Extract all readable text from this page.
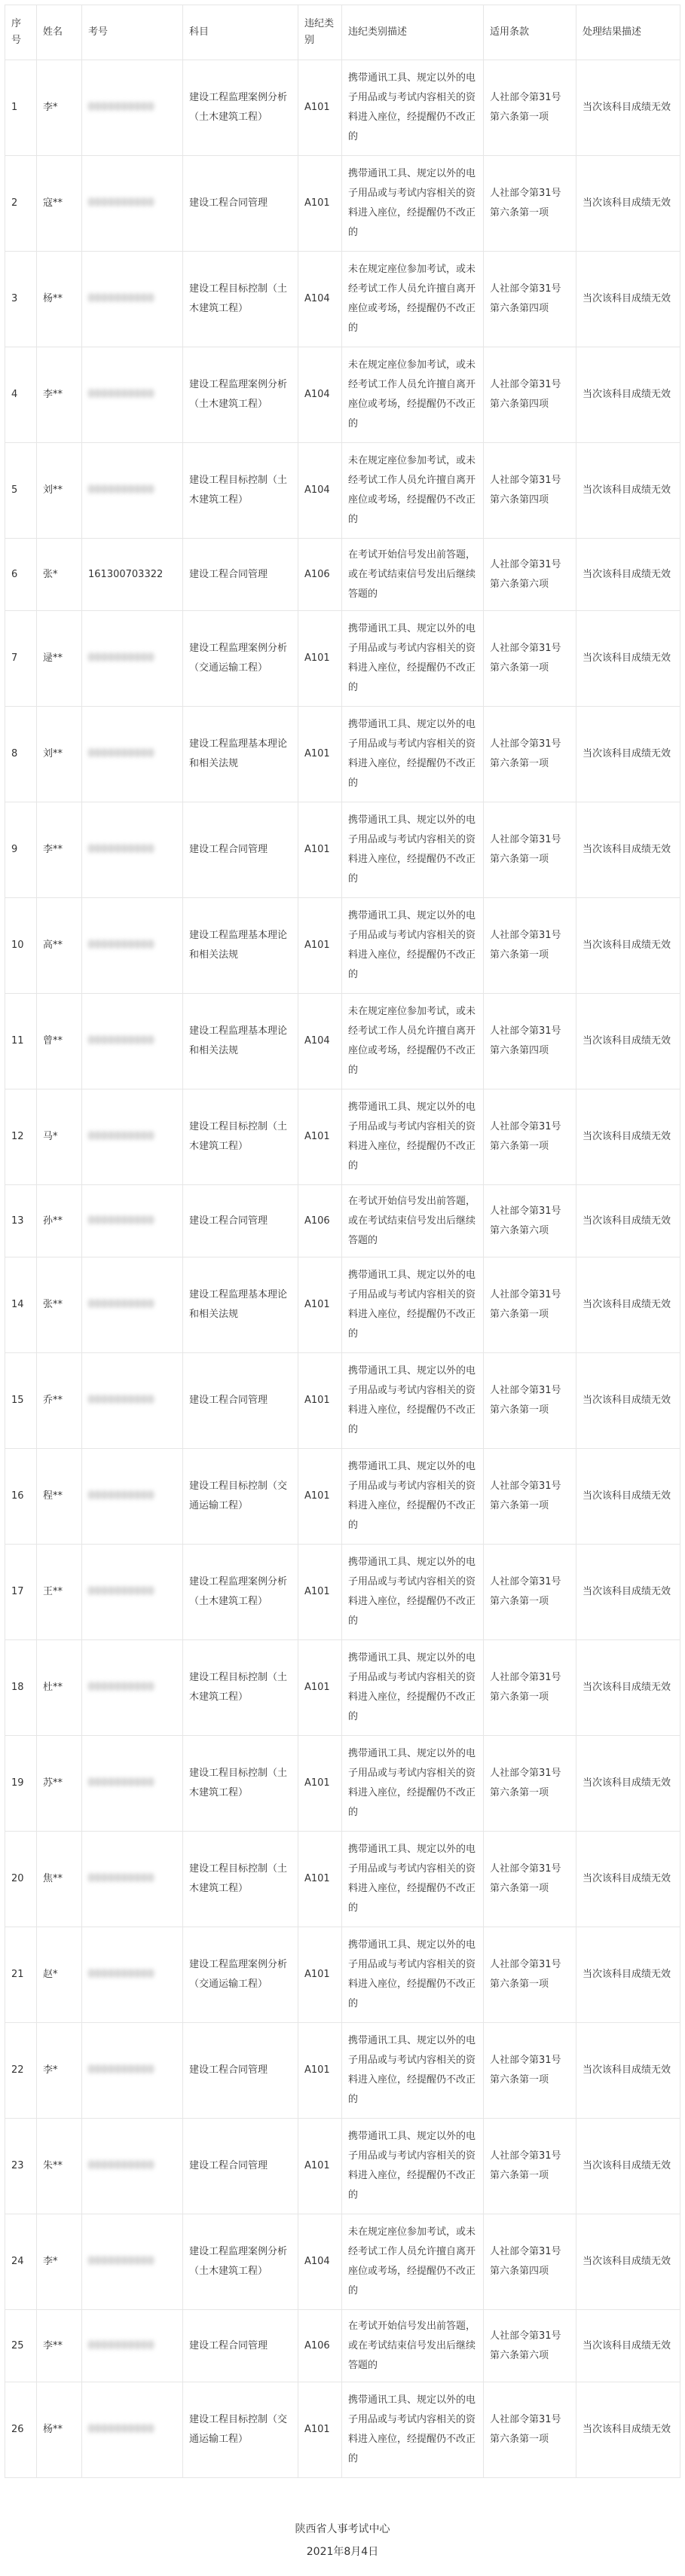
序号	姓名	考号	科目	违纪类别	违纪类别描述	适用条款	处理结果描述
1	李*	0000000000	建设工程监理案例分析（土木建筑工程）	A101	携带通讯工具、规定以外的电子用品或与考试内容相关的资料进入座位，经提醒仍不改正的	人社部令第31号第六条第一项	当次该科目成绩无效
2	寇**	0000000000	建设工程合同管理	A101	携带通讯工具、规定以外的电子用品或与考试内容相关的资料进入座位，经提醒仍不改正的	人社部令第31号第六条第一项	当次该科目成绩无效
3	杨**	0000000000	建设工程目标控制（土木建筑工程）	A104	未在规定座位参加考试，或未经考试工作人员允许擅自离开座位或考场，经提醒仍不改正的	人社部令第31号第六条第四项	当次该科目成绩无效
4	李**	0000000000	建设工程监理案例分析（土木建筑工程）	A104	未在规定座位参加考试，或未经考试工作人员允许擅自离开座位或考场，经提醒仍不改正的	人社部令第31号第六条第四项	当次该科目成绩无效
5	刘**	0000000000	建设工程目标控制（土木建筑工程）	A104	未在规定座位参加考试，或未经考试工作人员允许擅自离开座位或考场，经提醒仍不改正的	人社部令第31号第六条第四项	当次该科目成绩无效
6	张*	161300703322	建设工程合同管理	A106	在考试开始信号发出前答题，或在考试结束信号发出后继续答题的	人社部令第31号第六条第六项	当次该科目成绩无效
7	逯**	0000000000	建设工程监理案例分析（交通运输工程）	A101	携带通讯工具、规定以外的电子用品或与考试内容相关的资料进入座位，经提醒仍不改正的	人社部令第31号第六条第一项	当次该科目成绩无效
8	刘**	0000000000	建设工程监理基本理论和相关法规	A101	携带通讯工具、规定以外的电子用品或与考试内容相关的资料进入座位，经提醒仍不改正的	人社部令第31号第六条第一项	当次该科目成绩无效
9	李**	0000000000	建设工程合同管理	A101	携带通讯工具、规定以外的电子用品或与考试内容相关的资料进入座位，经提醒仍不改正的	人社部令第31号第六条第一项	当次该科目成绩无效
10	高**	0000000000	建设工程监理基本理论和相关法规	A101	携带通讯工具、规定以外的电子用品或与考试内容相关的资料进入座位，经提醒仍不改正的	人社部令第31号第六条第一项	当次该科目成绩无效
11	曾**	0000000000	建设工程监理基本理论和相关法规	A104	未在规定座位参加考试，或未经考试工作人员允许擅自离开座位或考场，经提醒仍不改正的	人社部令第31号第六条第四项	当次该科目成绩无效
12	马*	0000000000	建设工程目标控制（土木建筑工程）	A101	携带通讯工具、规定以外的电子用品或与考试内容相关的资料进入座位，经提醒仍不改正的	人社部令第31号第六条第一项	当次该科目成绩无效
13	孙**	0000000000	建设工程合同管理	A106	在考试开始信号发出前答题，或在考试结束信号发出后继续答题的	人社部令第31号第六条第六项	当次该科目成绩无效
14	张**	0000000000	建设工程监理基本理论和相关法规	A101	携带通讯工具、规定以外的电子用品或与考试内容相关的资料进入座位，经提醒仍不改正的	人社部令第31号第六条第一项	当次该科目成绩无效
15	乔**	0000000000	建设工程合同管理	A101	携带通讯工具、规定以外的电子用品或与考试内容相关的资料进入座位，经提醒仍不改正的	人社部令第31号第六条第一项	当次该科目成绩无效
16	程**	0000000000	建设工程目标控制（交通运输工程）	A101	携带通讯工具、规定以外的电子用品或与考试内容相关的资料进入座位，经提醒仍不改正的	人社部令第31号第六条第一项	当次该科目成绩无效
17	王**	0000000000	建设工程监理案例分析（土木建筑工程）	A101	携带通讯工具、规定以外的电子用品或与考试内容相关的资料进入座位，经提醒仍不改正的	人社部令第31号第六条第一项	当次该科目成绩无效
18	杜**	0000000000	建设工程目标控制（土木建筑工程）	A101	携带通讯工具、规定以外的电子用品或与考试内容相关的资料进入座位，经提醒仍不改正的	人社部令第31号第六条第一项	当次该科目成绩无效
19	苏**	0000000000	建设工程目标控制（土木建筑工程）	A101	携带通讯工具、规定以外的电子用品或与考试内容相关的资料进入座位，经提醒仍不改正的	人社部令第31号第六条第一项	当次该科目成绩无效
20	焦**	0000000000	建设工程目标控制（土木建筑工程）	A101	携带通讯工具、规定以外的电子用品或与考试内容相关的资料进入座位，经提醒仍不改正的	人社部令第31号第六条第一项	当次该科目成绩无效
21	赵*	0000000000	建设工程监理案例分析（交通运输工程）	A101	携带通讯工具、规定以外的电子用品或与考试内容相关的资料进入座位，经提醒仍不改正的	人社部令第31号第六条第一项	当次该科目成绩无效
22	李*	0000000000	建设工程合同管理	A101	携带通讯工具、规定以外的电子用品或与考试内容相关的资料进入座位，经提醒仍不改正的	人社部令第31号第六条第一项	当次该科目成绩无效
23	朱**	0000000000	建设工程合同管理	A101	携带通讯工具、规定以外的电子用品或与考试内容相关的资料进入座位，经提醒仍不改正的	人社部令第31号第六条第一项	当次该科目成绩无效
24	李*	0000000000	建设工程监理案例分析（土木建筑工程）	A104	未在规定座位参加考试，或未经考试工作人员允许擅自离开座位或考场，经提醒仍不改正的	人社部令第31号第六条第四项	当次该科目成绩无效
25	李**	0000000000	建设工程合同管理	A106	在考试开始信号发出前答题，或在考试结束信号发出后继续答题的	人社部令第31号第六条第六项	当次该科目成绩无效
26	杨**	0000000000	建设工程目标控制（交通运输工程）	A101	携带通讯工具、规定以外的电子用品或与考试内容相关的资料进入座位，经提醒仍不改正的	人社部令第31号第六条第一项	当次该科目成绩无效
陕西省人事考试中心
2021年8月4日
